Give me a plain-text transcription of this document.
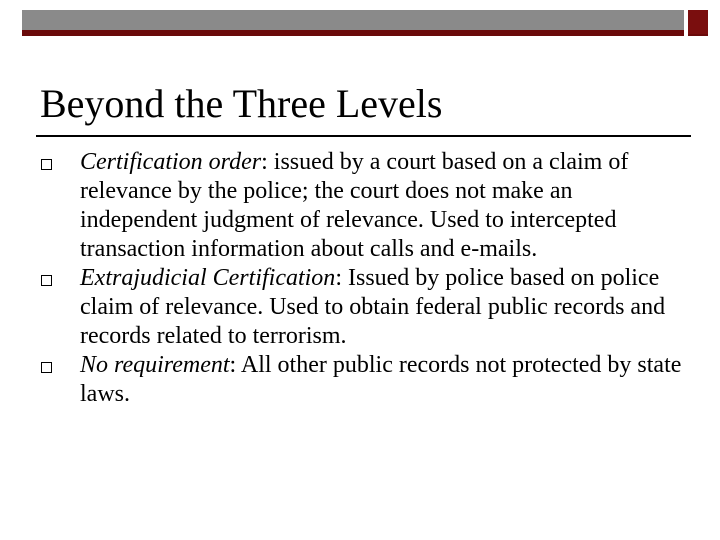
Beyond the Three Levels
Certification order: issued by a court based on a claim of relevance by the police; the court does not make an independent judgment of relevance. Used to intercepted transaction information about calls and e-mails.
Extrajudicial Certification: Issued by police based on police claim of relevance. Used to obtain federal public records and records related to terrorism.
No requirement: All other public records not protected by state laws.
